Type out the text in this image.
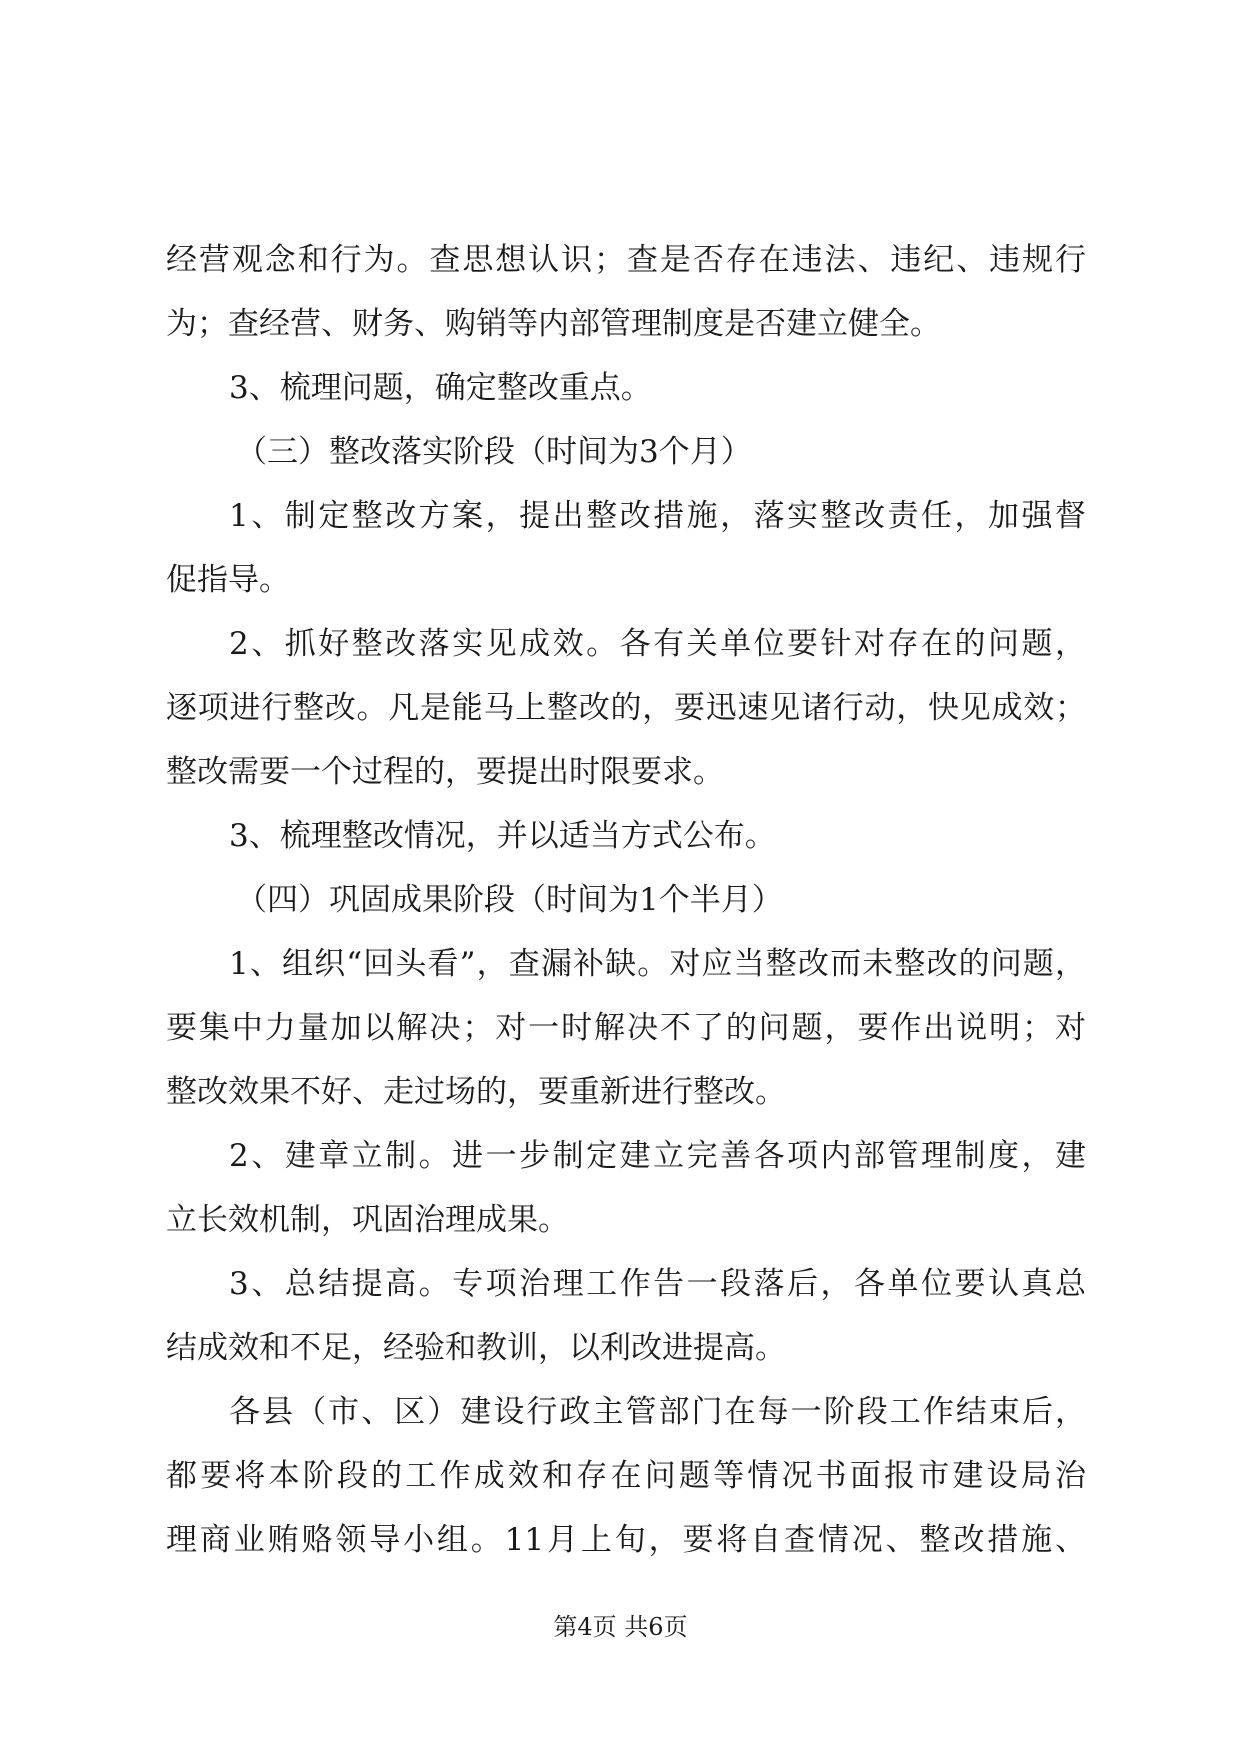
经营观念和行为。查思想认识；查是否存在违法、违纪、违规行
为；查经营、财务、购销等内部管理制度是否建立健全。
3、梳理问题，确定整改重点。
（三）整改落实阶段（时间为3个月）
1、制定整改方案，提出整改措施，落实整改责任，加强督
促指导。
2、抓好整改落实见成效。各有关单位要针对存在的问题，
逐项进行整改。凡是能马上整改的，要迅速见诸行动，快见成效；
整改需要一个过程的，要提出时限要求。
3、梳理整改情况，并以适当方式公布。
（四）巩固成果阶段（时间为1个半月）
1、组织“回头看”，查漏补缺。对应当整改而未整改的问题，
要集中力量加以解决；对一时解决不了的问题，要作出说明；对
整改效果不好、走过场的，要重新进行整改。
2、建章立制。进一步制定建立完善各项内部管理制度，建
立长效机制，巩固治理成果。
3、总结提高。专项治理工作告一段落后，各单位要认真总
结成效和不足，经验和教训，以利改进提高。
各县（市、区）建设行政主管部门在每一阶段工作结束后，
都要将本阶段的工作成效和存在问题等情况书面报市建设局治
理商业贿赂领导小组。11月上旬，要将自查情况、整改措施、
第4页 共6页
